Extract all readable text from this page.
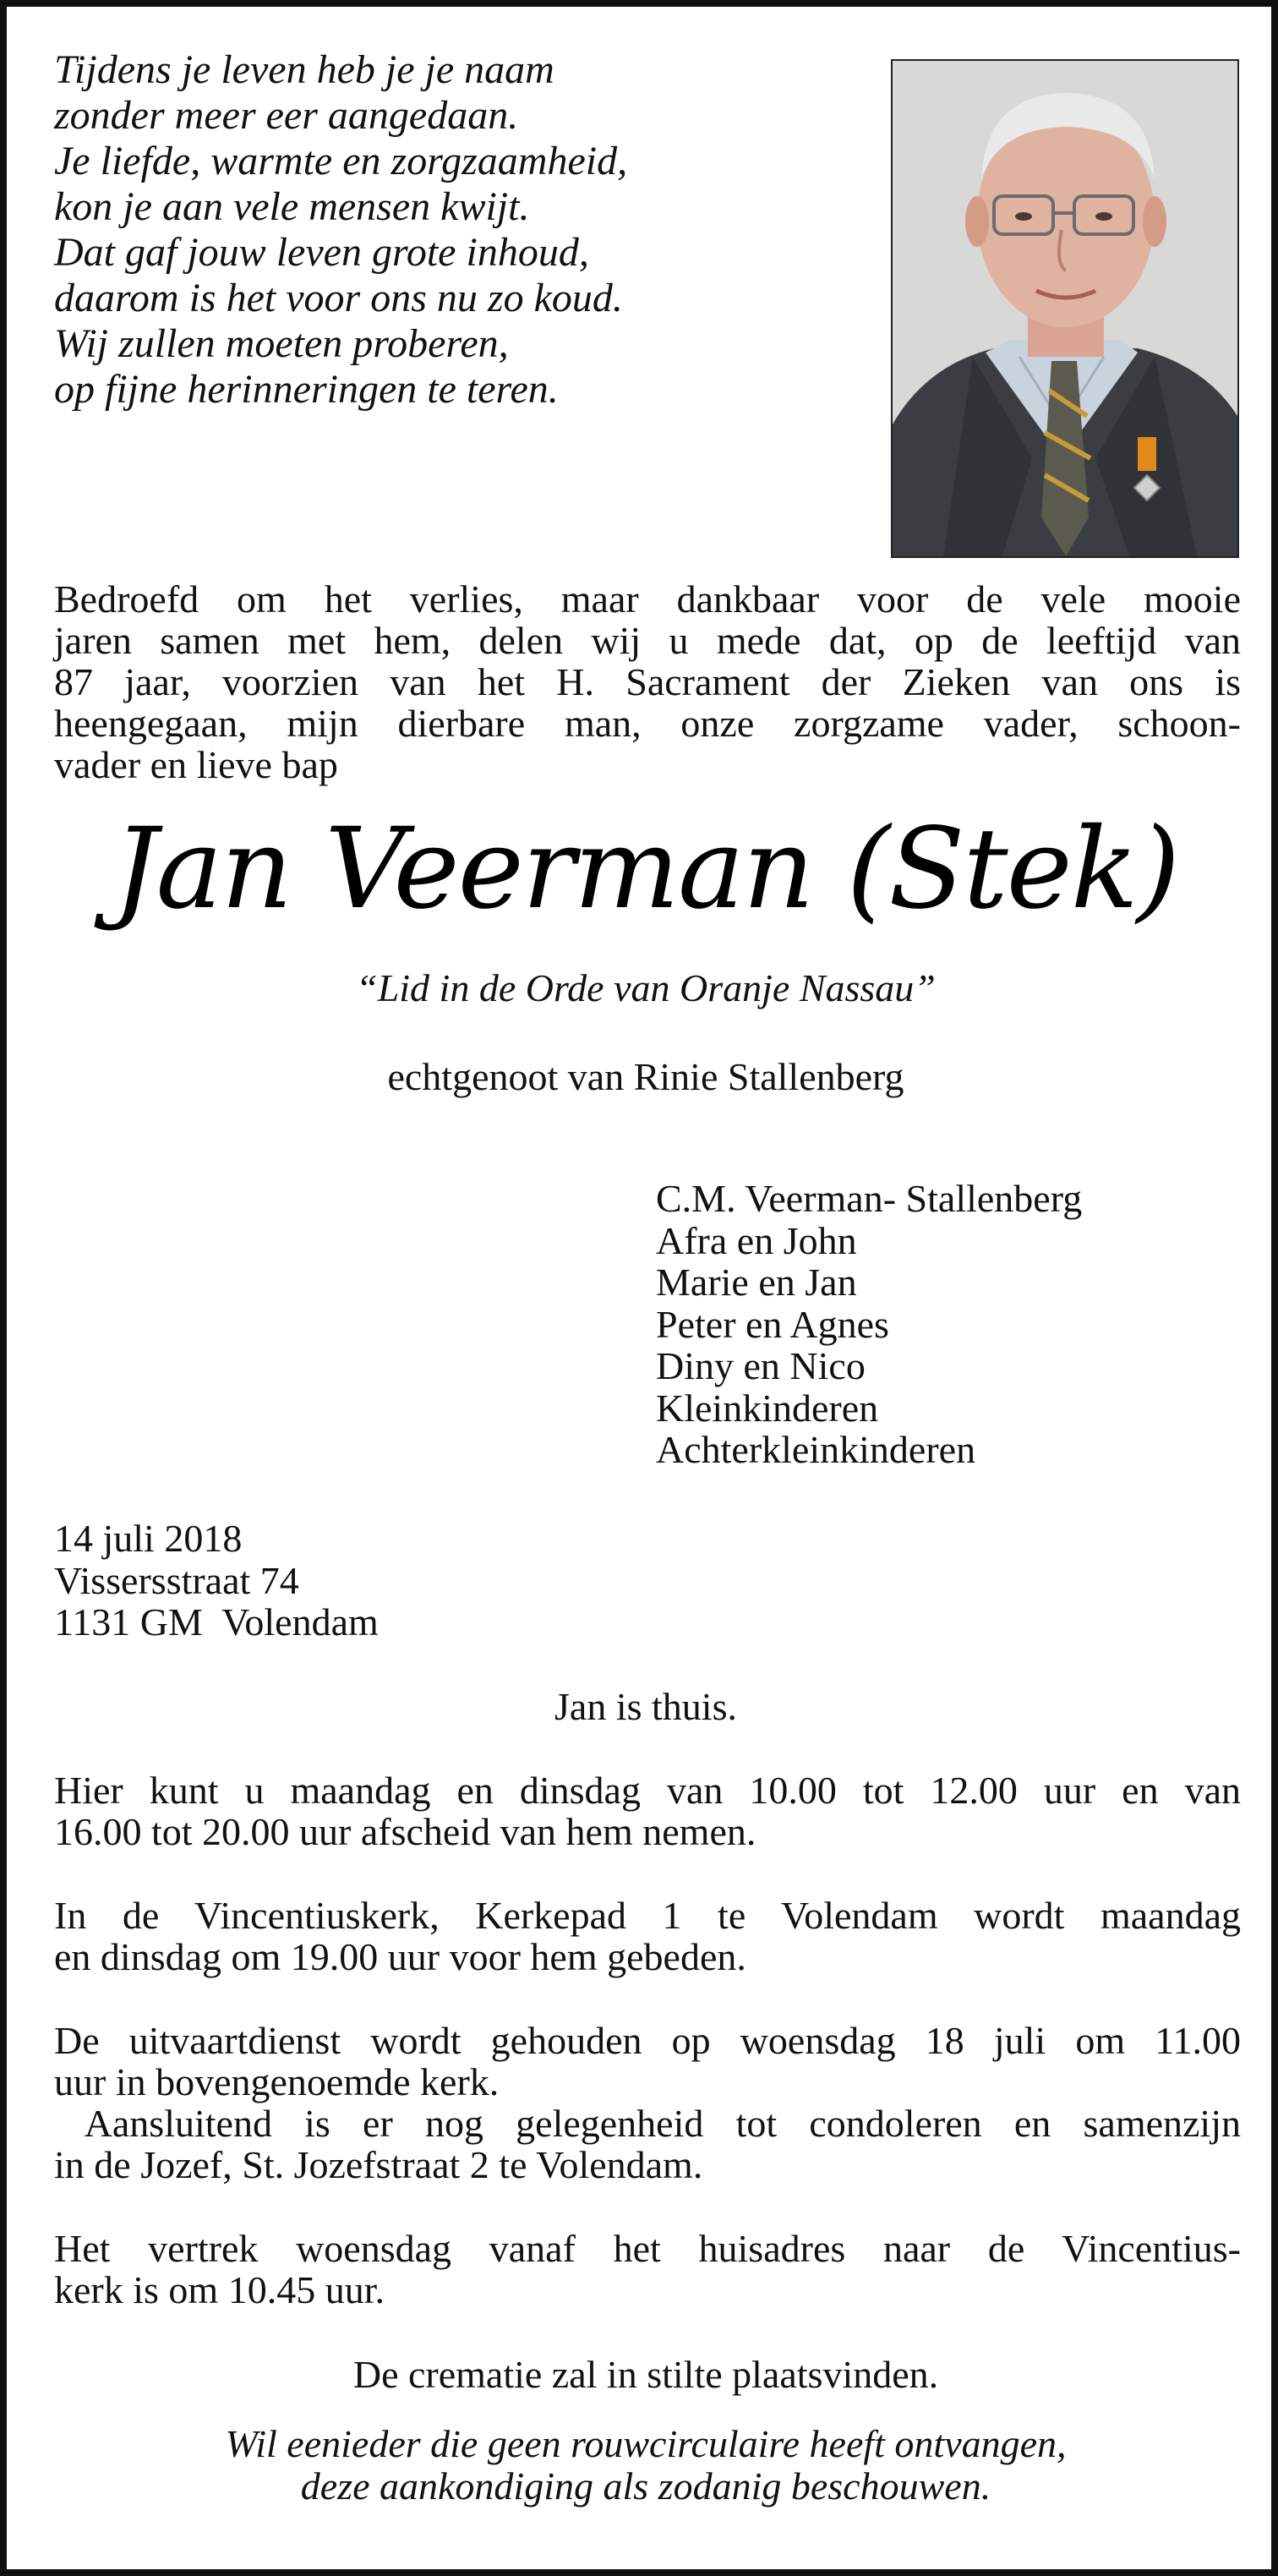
Tijdens je leven heb je je naam
zonder meer eer aangedaan.
Je liefde, warmte en zorgzaamheid,
kon je aan vele mensen kwijt.
Dat gaf jouw leven grote inhoud,
daarom is het voor ons nu zo koud.
Wij zullen moeten proberen,
op fijne herinneringen te teren.
Bedroefd om het verlies, maar dankbaar voor de vele mooie
jaren samen met hem, delen wij u mede dat, op de leeftijd van
87 jaar, voorzien van het H. Sacrament der Zieken van ons is
heengegaan, mijn dierbare man, onze zorgzame vader, schoon-
vader en lieve bap
Jan Veerman (Stek)
“Lid in de Orde van Oranje Nassau”
echtgenoot van Rinie Stallenberg
C.M. Veerman- Stallenberg
Afra en John
Marie en Jan
Peter en Agnes
Diny en Nico
Kleinkinderen
Achterkleinkinderen
14 juli 2018
Vissersstraat 74
1131 GM  Volendam
Jan is thuis.
Hier kunt u maandag en dinsdag van 10.00 tot 12.00 uur en van
16.00 tot 20.00 uur afscheid van hem nemen.
In de Vincentiuskerk, Kerkepad 1 te Volendam wordt maandag
en dinsdag om 19.00 uur voor hem gebeden.
De uitvaartdienst wordt gehouden op woensdag 18 juli om 11.00
uur in bovengenoemde kerk.
Aansluitend is er nog gelegenheid tot condoleren en samenzijn
in de Jozef, St. Jozefstraat 2 te Volendam.
Het vertrek woensdag vanaf het huisadres naar de Vincentius-
kerk is om 10.45 uur.
De crematie zal in stilte plaatsvinden.
Wil eenieder die geen rouwcirculaire heeft ontvangen,
deze aankondiging als zodanig beschouwen.
